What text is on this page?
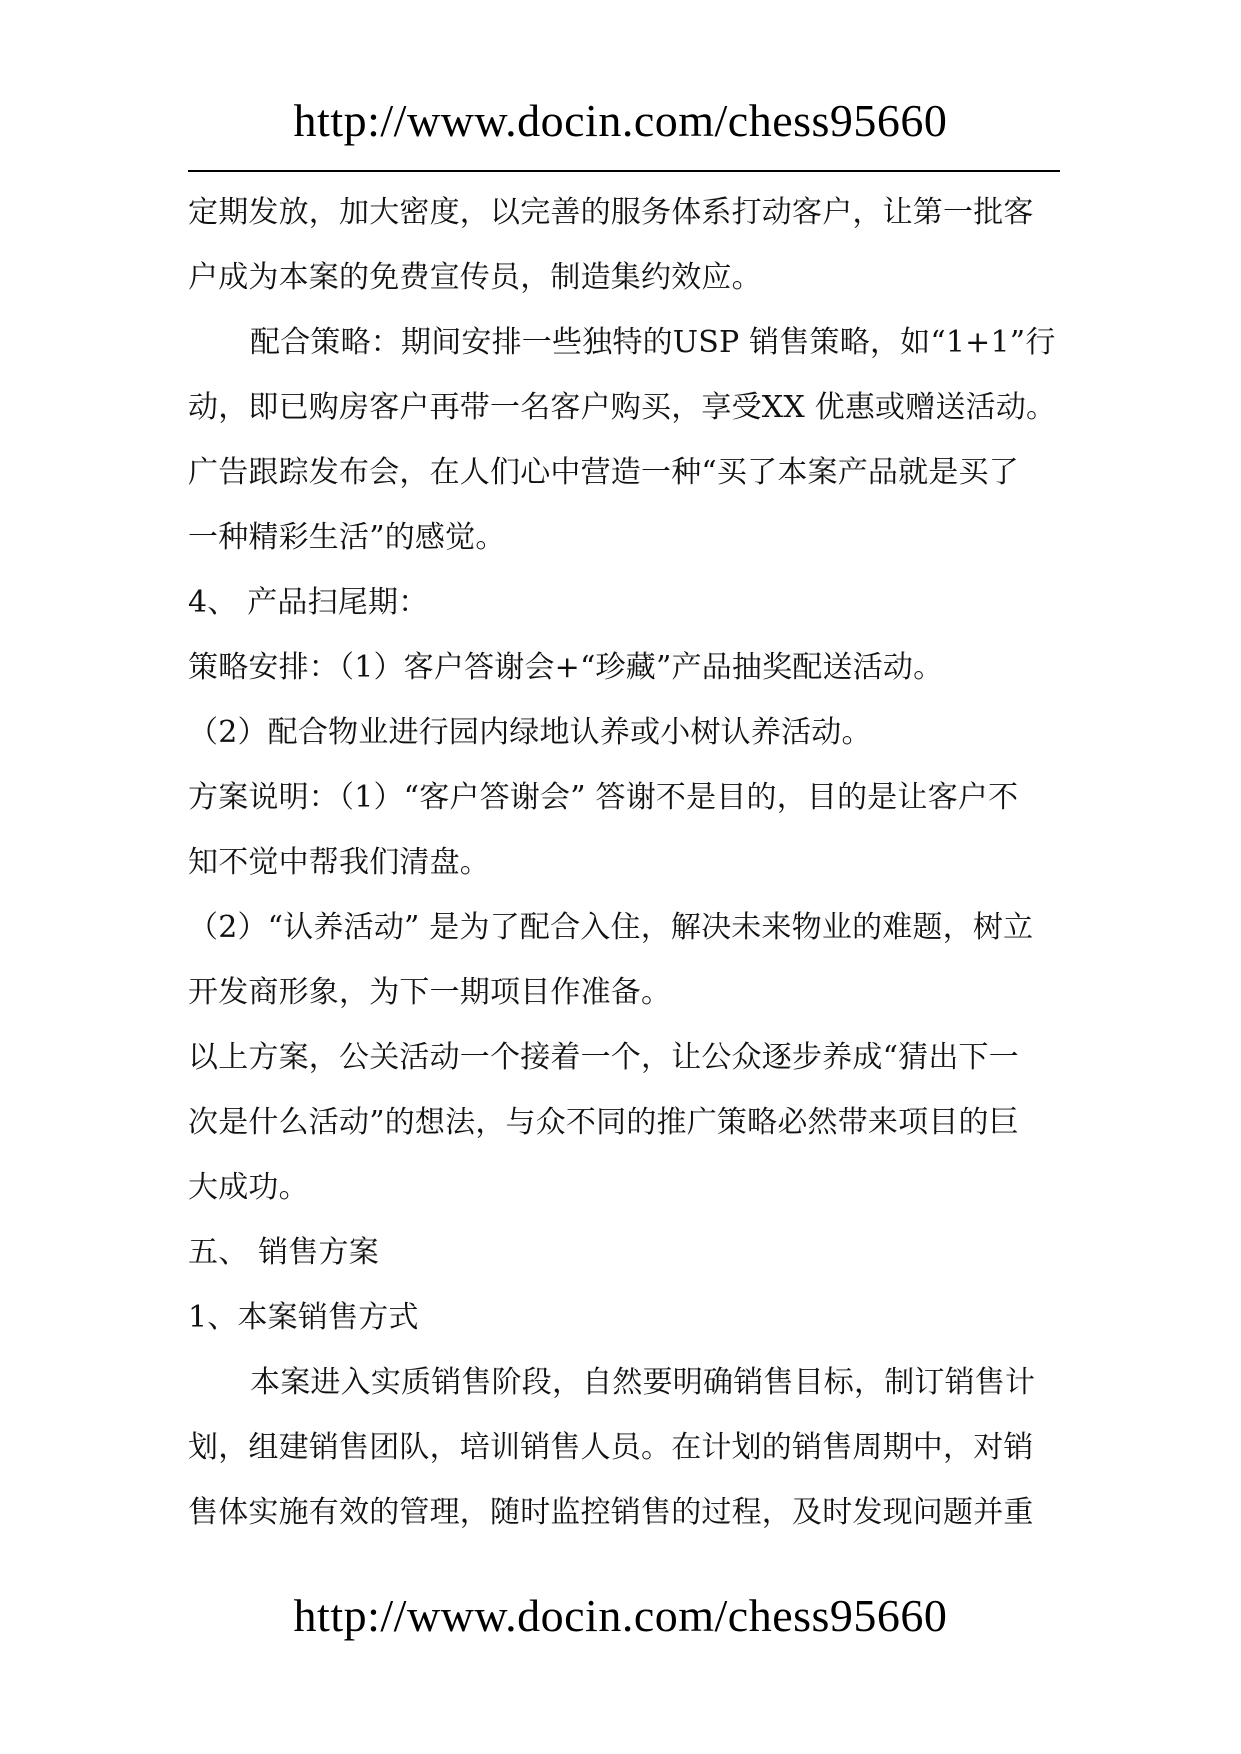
http://www.docin.com/chess95660
定期发放，加大密度，以完善的服务体系打动客户，让第一批客
户成为本案的免费宣传员，制造集约效应。
配合策略：期间安排一些独特的USP 销售策略，如“1+1”行
动，即已购房客户再带一名客户购买，享受XX 优惠或赠送活动。
广告跟踪发布会，在人们心中营造一种“买了本案产品就是买了
一种精彩生活”的感觉。
4、 产品扫尾期：
策略安排：（1）客户答谢会+“珍藏”产品抽奖配送活动。
（2）配合物业进行园内绿地认养或小树认养活动。
方案说明：（1）“客户答谢会” 答谢不是目的，目的是让客户不
知不觉中帮我们清盘。
（2）“认养活动” 是为了配合入住，解决未来物业的难题，树立
开发商形象，为下一期项目作准备。
以上方案，公关活动一个接着一个，让公众逐步养成“猜出下一
次是什么活动”的想法，与众不同的推广策略必然带来项目的巨
大成功。
五、 销售方案
1、本案销售方式
本案进入实质销售阶段，自然要明确销售目标，制订销售计
划，组建销售团队，培训销售人员。在计划的销售周期中，对销
售体实施有效的管理，随时监控销售的过程，及时发现问题并重
http://www.docin.com/chess95660
